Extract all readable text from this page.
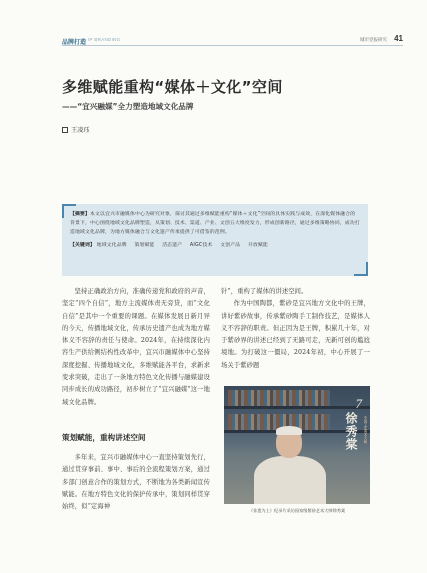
品牌打造 IP BRANDING	城市党报研究 41
多维赋能重构“媒体＋文化”空间
——“宜兴融媒”全力塑造地域文化品牌
王凌珏
【摘要】本文以宜兴市融媒体中心为研究对象，探讨其通过多维赋能重构“媒体＋文化”空间的具体实践与成效，在深化媒体融合的背景下，中心围绕地域文化品牌塑造，从策划、技术、渠道、产业、文创五大维度发力，形成创新路径，通过多维策略协同，成功打造地域文化品牌，为地方媒体融合与文化遗产传承提供了可借鉴的范例。
【关键词】 地域文化品牌 策划赋能 活态遗产 AIGC技术 文创产品 开放赋能
坚持正确政治方向，准确传递党和政府的声音，坚定“四个自信”，地方主流媒体责无旁贷，而“文化自信”是其中一个重要的课题。在媒体发展日新月异的今天，传播地域文化，传承历史遗产也成为地方媒体义不容辞的责任与使命。2024年，在持续深化内容生产供给侧结构性改革中，宜兴市融媒体中心坚持深度挖掘、传播地域文化，多维赋能各平台，求新求变求突破，走出了一条地方特色文化传播与融媒建设同步成长的成功路径，初步树立了“宜兴融媒”这一地域文化品牌。
策划赋能，重构讲述空间
多年来，宜兴市融媒体中心一直坚持策划先行，通过贯穿事前、事中、事后的全流程策划方案，通过多部门创意合作的策划方式，不断地为各类新闻宣传赋能。在地方特色文化的保护传承中，策划同样贯穿始终，似“定海神
针”，重构了媒体的讲述空间。
作为中国陶都，紫砂是宜兴地方文化中的王牌，讲好紫砂故事，传承紫砂陶手工制作技艺，是媒体人义不容辞的职责。但正因为是王牌，积累几十年，对于紫砂界的讲述已经到了无路可走，无新可创的尴尬境地。为打破这一僵局，2024年初，中心开展了一场关于紫砂题
7
徐秀棠	中国工艺美术大师
《非遗为上》纪录片采访国家级紫砂艺术大师徐秀棠
